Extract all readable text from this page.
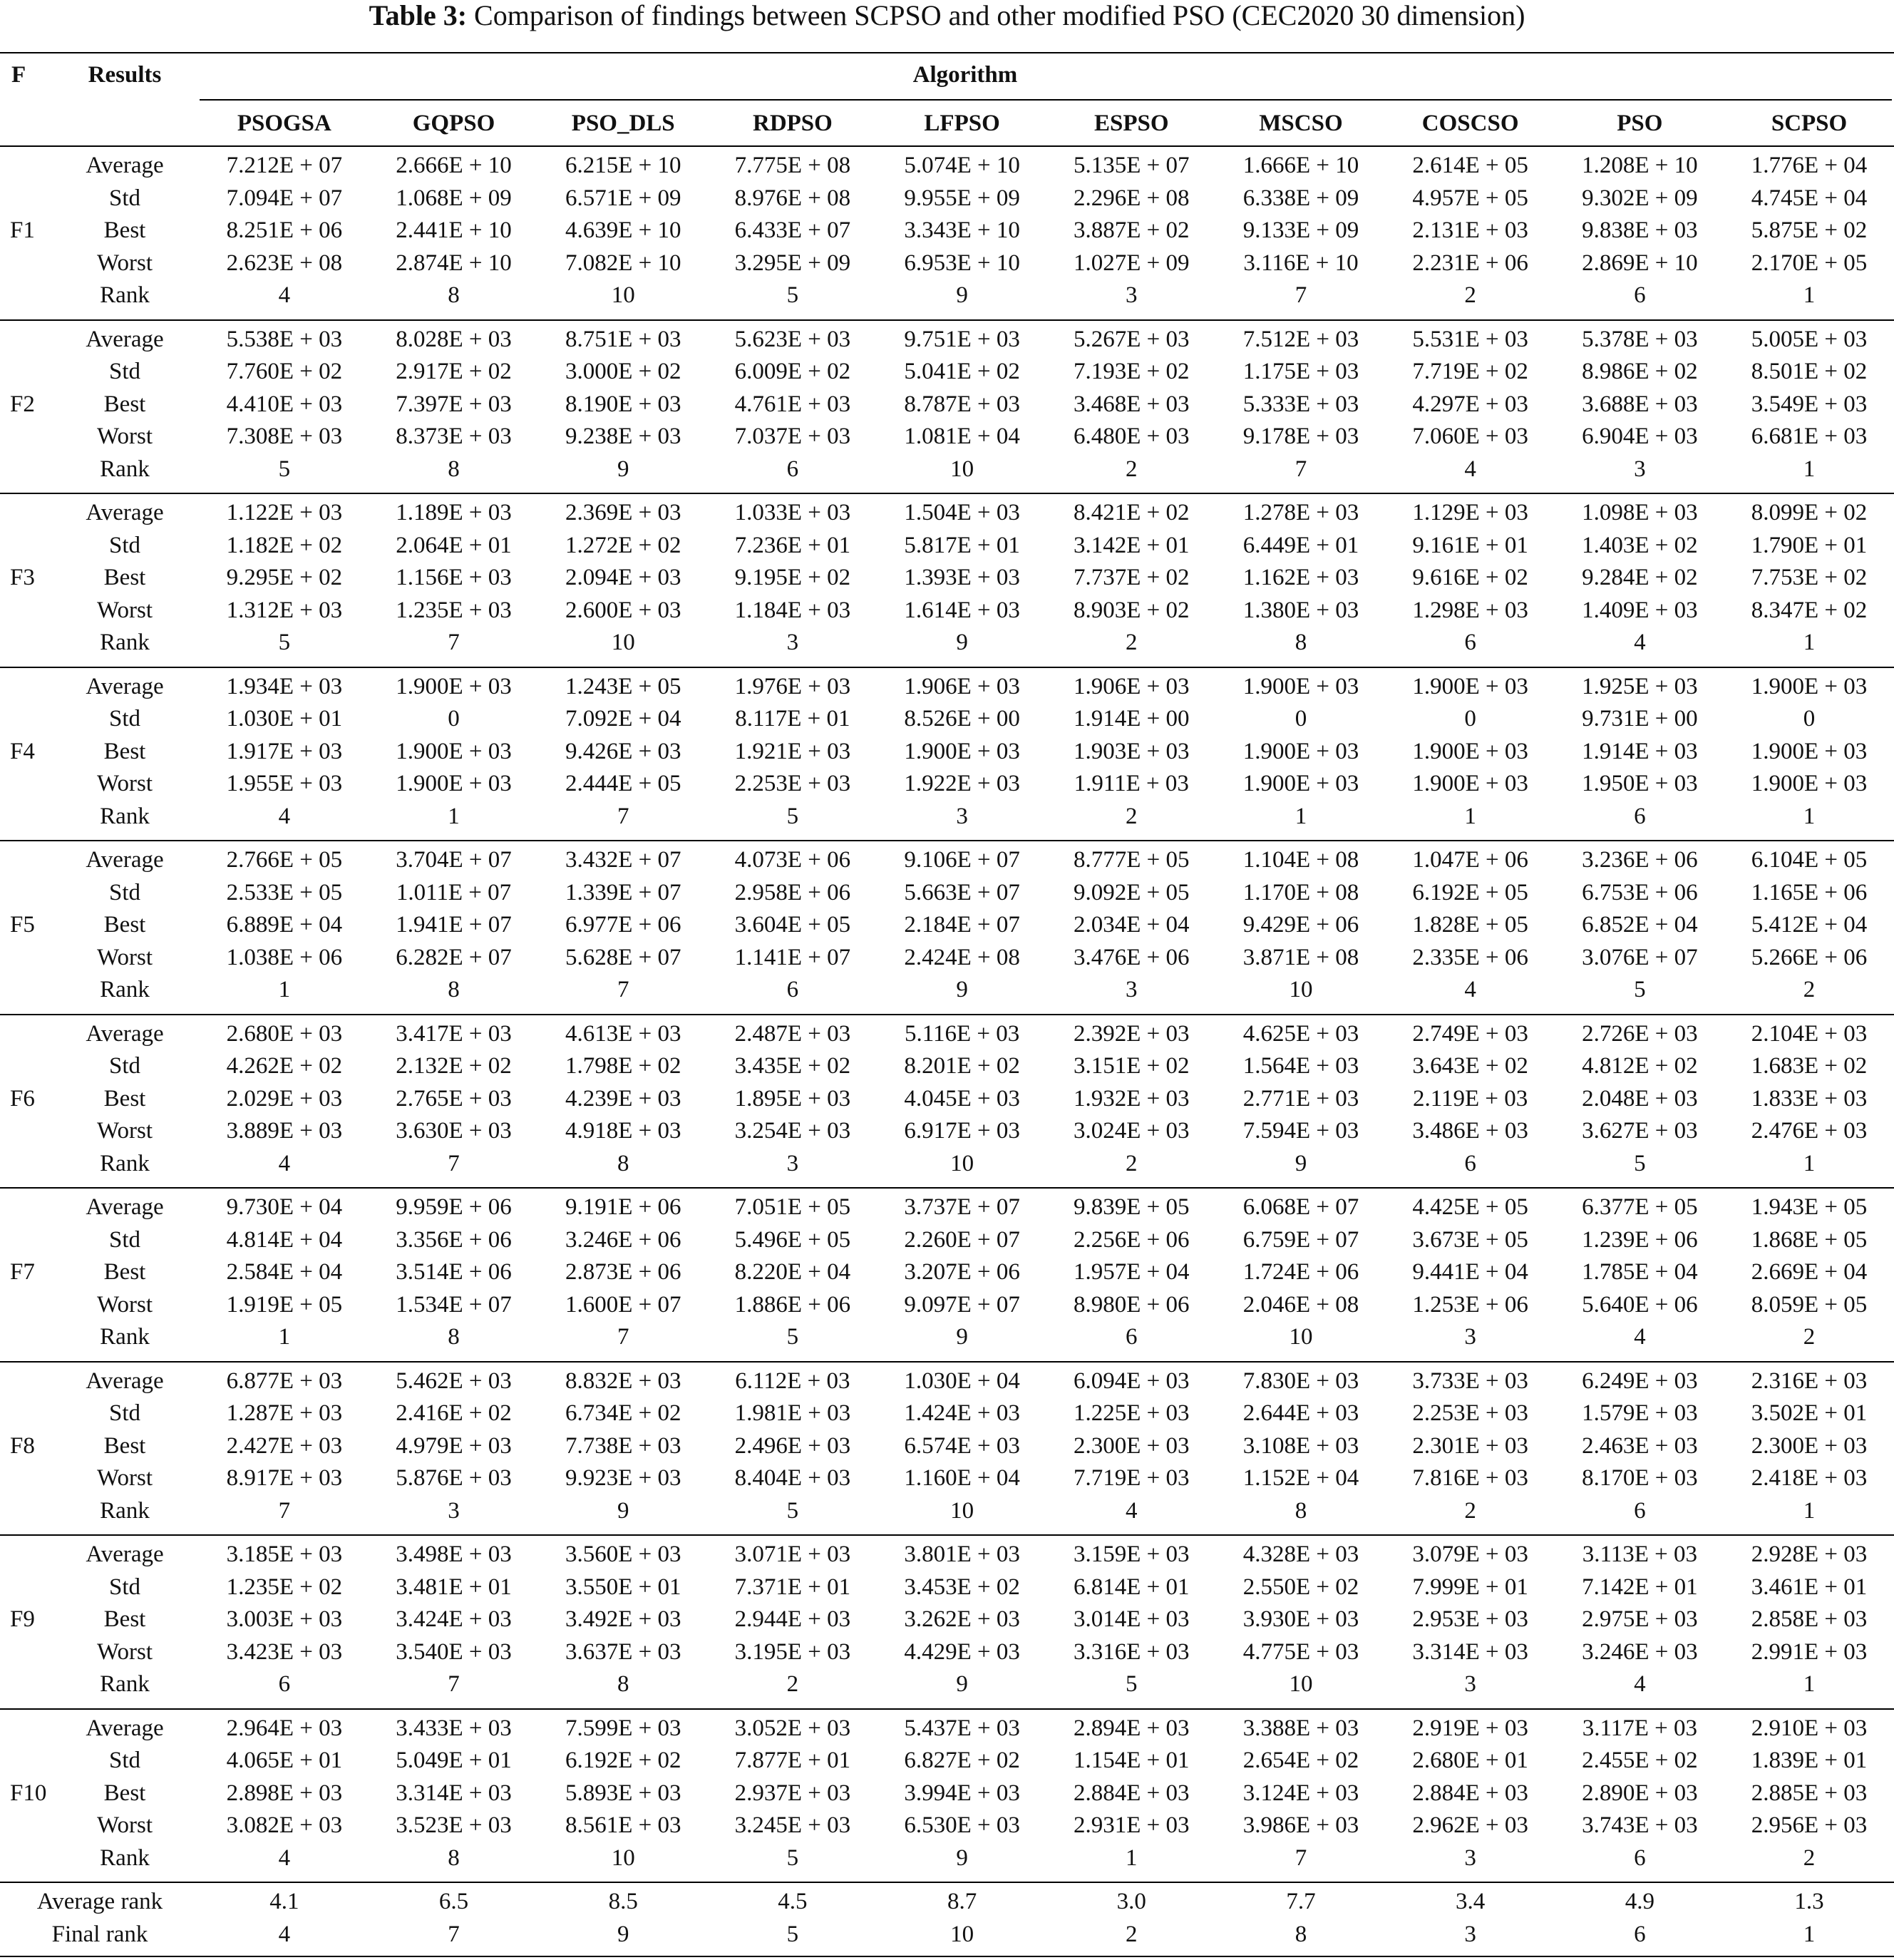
Table 3: Comparison of findings between SCPSO and other modified PSO (CEC2020 30 dimension)
F	Results	Algorithm
PSOGSA	GQPSO	PSO_DLS	RDPSO	LFPSO	ESPSO	MSCSO	COSCSO	PSO	SCPSO
F1
Average	7.212E + 07	2.666E + 10	6.215E + 10	7.775E + 08	5.074E + 10	5.135E + 07	1.666E + 10	2.614E + 05	1.208E + 10	1.776E + 04
Std	7.094E + 07	1.068E + 09	6.571E + 09	8.976E + 08	9.955E + 09	2.296E + 08	6.338E + 09	4.957E + 05	9.302E + 09	4.745E + 04
Best	8.251E + 06	2.441E + 10	4.639E + 10	6.433E + 07	3.343E + 10	3.887E + 02	9.133E + 09	2.131E + 03	9.838E + 03	5.875E + 02
Worst	2.623E + 08	2.874E + 10	7.082E + 10	3.295E + 09	6.953E + 10	1.027E + 09	3.116E + 10	2.231E + 06	2.869E + 10	2.170E + 05
Rank	4	8	10	5	9	3	7	2	6	1
F2
Average	5.538E + 03	8.028E + 03	8.751E + 03	5.623E + 03	9.751E + 03	5.267E + 03	7.512E + 03	5.531E + 03	5.378E + 03	5.005E + 03
Std	7.760E + 02	2.917E + 02	3.000E + 02	6.009E + 02	5.041E + 02	7.193E + 02	1.175E + 03	7.719E + 02	8.986E + 02	8.501E + 02
Best	4.410E + 03	7.397E + 03	8.190E + 03	4.761E + 03	8.787E + 03	3.468E + 03	5.333E + 03	4.297E + 03	3.688E + 03	3.549E + 03
Worst	7.308E + 03	8.373E + 03	9.238E + 03	7.037E + 03	1.081E + 04	6.480E + 03	9.178E + 03	7.060E + 03	6.904E + 03	6.681E + 03
Rank	5	8	9	6	10	2	7	4	3	1
F3
Average	1.122E + 03	1.189E + 03	2.369E + 03	1.033E + 03	1.504E + 03	8.421E + 02	1.278E + 03	1.129E + 03	1.098E + 03	8.099E + 02
Std	1.182E + 02	2.064E + 01	1.272E + 02	7.236E + 01	5.817E + 01	3.142E + 01	6.449E + 01	9.161E + 01	1.403E + 02	1.790E + 01
Best	9.295E + 02	1.156E + 03	2.094E + 03	9.195E + 02	1.393E + 03	7.737E + 02	1.162E + 03	9.616E + 02	9.284E + 02	7.753E + 02
Worst	1.312E + 03	1.235E + 03	2.600E + 03	1.184E + 03	1.614E + 03	8.903E + 02	1.380E + 03	1.298E + 03	1.409E + 03	8.347E + 02
Rank	5	7	10	3	9	2	8	6	4	1
F4
Average	1.934E + 03	1.900E + 03	1.243E + 05	1.976E + 03	1.906E + 03	1.906E + 03	1.900E + 03	1.900E + 03	1.925E + 03	1.900E + 03
Std	1.030E + 01	0	7.092E + 04	8.117E + 01	8.526E + 00	1.914E + 00	0	0	9.731E + 00	0
Best	1.917E + 03	1.900E + 03	9.426E + 03	1.921E + 03	1.900E + 03	1.903E + 03	1.900E + 03	1.900E + 03	1.914E + 03	1.900E + 03
Worst	1.955E + 03	1.900E + 03	2.444E + 05	2.253E + 03	1.922E + 03	1.911E + 03	1.900E + 03	1.900E + 03	1.950E + 03	1.900E + 03
Rank	4	1	7	5	3	2	1	1	6	1
F5
Average	2.766E + 05	3.704E + 07	3.432E + 07	4.073E + 06	9.106E + 07	8.777E + 05	1.104E + 08	1.047E + 06	3.236E + 06	6.104E + 05
Std	2.533E + 05	1.011E + 07	1.339E + 07	2.958E + 06	5.663E + 07	9.092E + 05	1.170E + 08	6.192E + 05	6.753E + 06	1.165E + 06
Best	6.889E + 04	1.941E + 07	6.977E + 06	3.604E + 05	2.184E + 07	2.034E + 04	9.429E + 06	1.828E + 05	6.852E + 04	5.412E + 04
Worst	1.038E + 06	6.282E + 07	5.628E + 07	1.141E + 07	2.424E + 08	3.476E + 06	3.871E + 08	2.335E + 06	3.076E + 07	5.266E + 06
Rank	1	8	7	6	9	3	10	4	5	2
F6
Average	2.680E + 03	3.417E + 03	4.613E + 03	2.487E + 03	5.116E + 03	2.392E + 03	4.625E + 03	2.749E + 03	2.726E + 03	2.104E + 03
Std	4.262E + 02	2.132E + 02	1.798E + 02	3.435E + 02	8.201E + 02	3.151E + 02	1.564E + 03	3.643E + 02	4.812E + 02	1.683E + 02
Best	2.029E + 03	2.765E + 03	4.239E + 03	1.895E + 03	4.045E + 03	1.932E + 03	2.771E + 03	2.119E + 03	2.048E + 03	1.833E + 03
Worst	3.889E + 03	3.630E + 03	4.918E + 03	3.254E + 03	6.917E + 03	3.024E + 03	7.594E + 03	3.486E + 03	3.627E + 03	2.476E + 03
Rank	4	7	8	3	10	2	9	6	5	1
F7
Average	9.730E + 04	9.959E + 06	9.191E + 06	7.051E + 05	3.737E + 07	9.839E + 05	6.068E + 07	4.425E + 05	6.377E + 05	1.943E + 05
Std	4.814E + 04	3.356E + 06	3.246E + 06	5.496E + 05	2.260E + 07	2.256E + 06	6.759E + 07	3.673E + 05	1.239E + 06	1.868E + 05
Best	2.584E + 04	3.514E + 06	2.873E + 06	8.220E + 04	3.207E + 06	1.957E + 04	1.724E + 06	9.441E + 04	1.785E + 04	2.669E + 04
Worst	1.919E + 05	1.534E + 07	1.600E + 07	1.886E + 06	9.097E + 07	8.980E + 06	2.046E + 08	1.253E + 06	5.640E + 06	8.059E + 05
Rank	1	8	7	5	9	6	10	3	4	2
F8
Average	6.877E + 03	5.462E + 03	8.832E + 03	6.112E + 03	1.030E + 04	6.094E + 03	7.830E + 03	3.733E + 03	6.249E + 03	2.316E + 03
Std	1.287E + 03	2.416E + 02	6.734E + 02	1.981E + 03	1.424E + 03	1.225E + 03	2.644E + 03	2.253E + 03	1.579E + 03	3.502E + 01
Best	2.427E + 03	4.979E + 03	7.738E + 03	2.496E + 03	6.574E + 03	2.300E + 03	3.108E + 03	2.301E + 03	2.463E + 03	2.300E + 03
Worst	8.917E + 03	5.876E + 03	9.923E + 03	8.404E + 03	1.160E + 04	7.719E + 03	1.152E + 04	7.816E + 03	8.170E + 03	2.418E + 03
Rank	7	3	9	5	10	4	8	2	6	1
F9
Average	3.185E + 03	3.498E + 03	3.560E + 03	3.071E + 03	3.801E + 03	3.159E + 03	4.328E + 03	3.079E + 03	3.113E + 03	2.928E + 03
Std	1.235E + 02	3.481E + 01	3.550E + 01	7.371E + 01	3.453E + 02	6.814E + 01	2.550E + 02	7.999E + 01	7.142E + 01	3.461E + 01
Best	3.003E + 03	3.424E + 03	3.492E + 03	2.944E + 03	3.262E + 03	3.014E + 03	3.930E + 03	2.953E + 03	2.975E + 03	2.858E + 03
Worst	3.423E + 03	3.540E + 03	3.637E + 03	3.195E + 03	4.429E + 03	3.316E + 03	4.775E + 03	3.314E + 03	3.246E + 03	2.991E + 03
Rank	6	7	8	2	9	5	10	3	4	1
F10
Average	2.964E + 03	3.433E + 03	7.599E + 03	3.052E + 03	5.437E + 03	2.894E + 03	3.388E + 03	2.919E + 03	3.117E + 03	2.910E + 03
Std	4.065E + 01	5.049E + 01	6.192E + 02	7.877E + 01	6.827E + 02	1.154E + 01	2.654E + 02	2.680E + 01	2.455E + 02	1.839E + 01
Best	2.898E + 03	3.314E + 03	5.893E + 03	2.937E + 03	3.994E + 03	2.884E + 03	3.124E + 03	2.884E + 03	2.890E + 03	2.885E + 03
Worst	3.082E + 03	3.523E + 03	8.561E + 03	3.245E + 03	6.530E + 03	2.931E + 03	3.986E + 03	2.962E + 03	3.743E + 03	2.956E + 03
Rank	4	8	10	5	9	1	7	3	6	2
Average rank	4.1	6.5	8.5	4.5	8.7	3.0	7.7	3.4	4.9	1.3
Final rank	4	7	9	5	10	2	8	3	6	1
